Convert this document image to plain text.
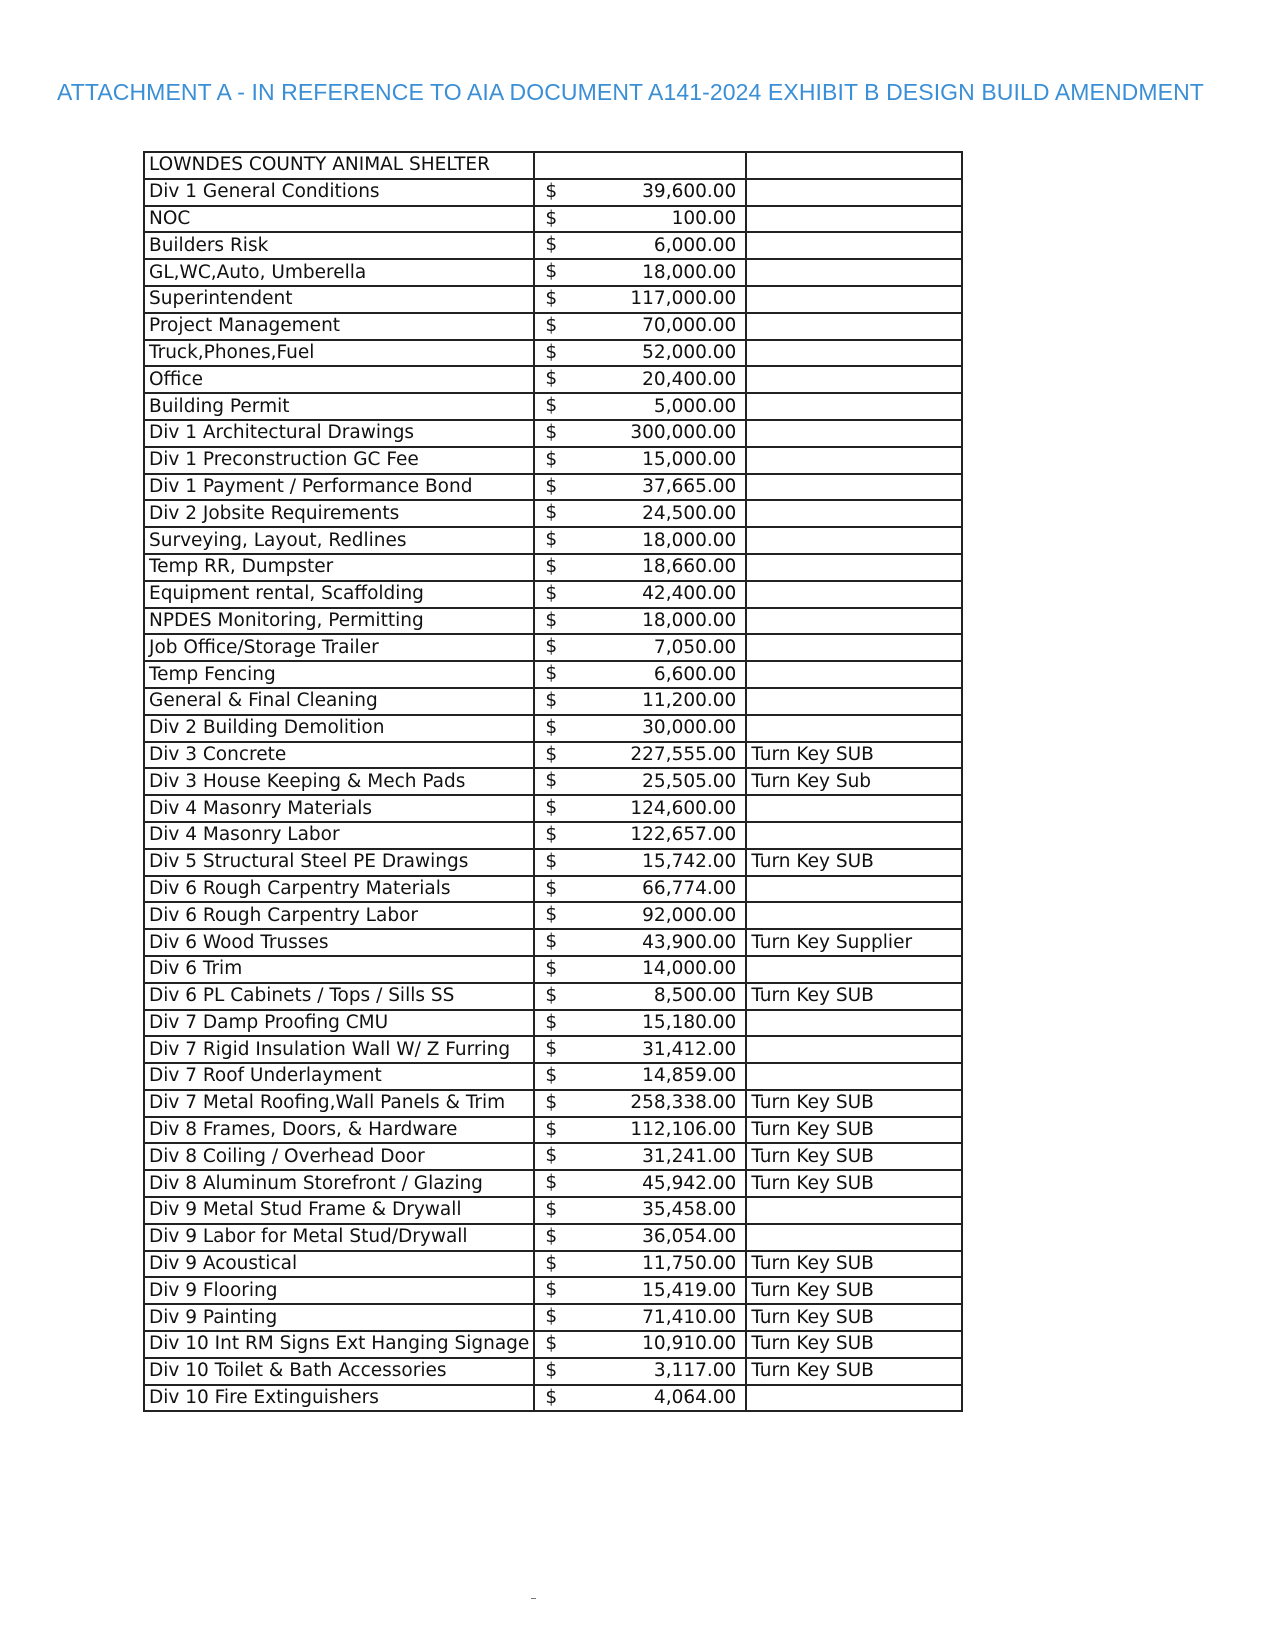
ATTACHMENT A - IN REFERENCE TO AIA DOCUMENT A141-2024 EXHIBIT B DESIGN BUILD AMENDMENT
LOWNDES COUNTY ANIMAL SHELTER		
Div 1 General Conditions	$ 39,600.00	

NOC	$ 100.00	

Builders Risk	$ 6,000.00	

GL,WC,Auto, Umberella	$ 18,000.00	

Superintendent	$ 117,000.00	

Project Management	$ 70,000.00	

Truck,Phones,Fuel	$ 52,000.00	

Office	$ 20,400.00	

Building Permit	$ 5,000.00	

Div 1 Architectural Drawings	$ 300,000.00	

Div 1 Preconstruction GC Fee	$ 15,000.00	

Div 1 Payment / Performance Bond	$ 37,665.00	

Div 2 Jobsite Requirements	$ 24,500.00	

Surveying, Layout, Redlines	$ 18,000.00	

Temp RR, Dumpster	$ 18,660.00	

Equipment rental, Scaffolding	$ 42,400.00	

NPDES Monitoring, Permitting	$ 18,000.00	

Job Office/Storage Trailer	$ 7,050.00	

Temp Fencing	$ 6,600.00	

General & Final Cleaning	$ 11,200.00	

Div 2 Building Demolition	$ 30,000.00	

Div 3 Concrete	$ 227,555.00	Turn Key SUB
Div 3 House Keeping & Mech Pads	$ 25,505.00	Turn Key Sub
Div 4 Masonry Materials	$ 124,600.00	

Div 4 Masonry Labor	$ 122,657.00	

Div 5 Structural Steel PE Drawings	$ 15,742.00	Turn Key SUB
Div 6 Rough Carpentry Materials	$ 66,774.00	

Div 6 Rough Carpentry Labor	$ 92,000.00	

Div 6 Wood Trusses	$ 43,900.00	Turn Key Supplier
Div 6 Trim	$ 14,000.00	

Div 6 PL Cabinets / Tops / Sills SS	$ 8,500.00	Turn Key SUB
Div 7 Damp Proofing CMU	$ 15,180.00	

Div 7 Rigid Insulation Wall W/ Z Furring	$ 31,412.00	

Div 7 Roof Underlayment	$ 14,859.00	

Div 7 Metal Roofing,Wall Panels & Trim	$ 258,338.00	Turn Key SUB
Div 8 Frames, Doors, & Hardware	$ 112,106.00	Turn Key SUB
Div 8 Coiling / Overhead Door	$ 31,241.00	Turn Key SUB
Div 8 Aluminum Storefront / Glazing	$ 45,942.00	Turn Key SUB
Div 9 Metal Stud Frame & Drywall	$ 35,458.00	

Div 9 Labor for Metal Stud/Drywall	$ 36,054.00	

Div 9 Acoustical	$ 11,750.00	Turn Key SUB
Div 9 Flooring	$ 15,419.00	Turn Key SUB
Div 9 Painting	$ 71,410.00	Turn Key SUB
Div 10 Int RM Signs Ext Hanging Signage	$ 10,910.00	Turn Key SUB
Div 10 Toilet & Bath Accessories	$ 3,117.00	Turn Key SUB
Div 10 Fire Extinguishers	$ 4,064.00	
